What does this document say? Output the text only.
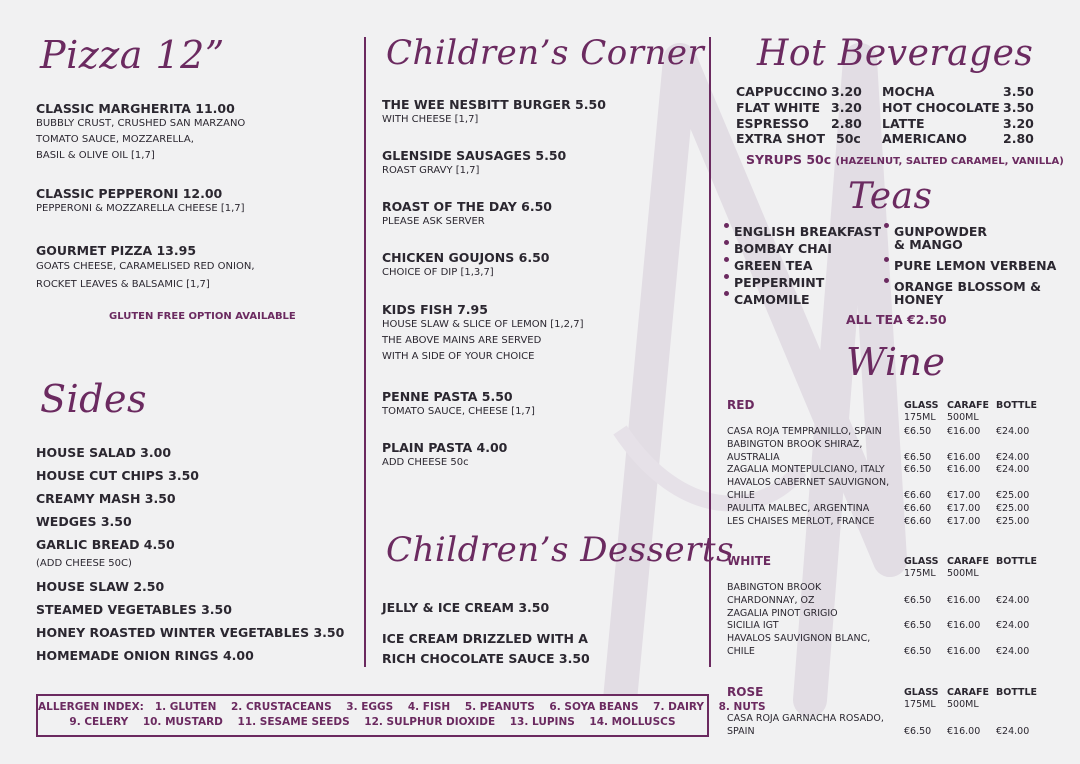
Pizza 12”
CLASSIC MARGHERITA 11.00
BUBBLY CRUST, CRUSHED SAN MARZANO
TOMATO SAUCE, MOZZARELLA,
BASIL & OLIVE OIL [1,7]
CLASSIC PEPPERONI 12.00
PEPPERONI & MOZZARELLA CHEESE [1,7]
GOURMET PIZZA 13.95
GOATS CHEESE, CARAMELISED RED ONION,
ROCKET LEAVES & BALSAMIC [1,7]
GLUTEN FREE OPTION AVAILABLE
Sides
HOUSE SALAD 3.00
HOUSE CUT CHIPS 3.50
CREAMY MASH 3.50
WEDGES 3.50
GARLIC BREAD 4.50
(ADD CHEESE 50C)
HOUSE SLAW 2.50
STEAMED VEGETABLES 3.50
HONEY ROASTED WINTER VEGETABLES 3.50
HOMEMADE ONION RINGS 4.00
Children’s Corner
THE WEE NESBITT BURGER 5.50
WITH CHEESE [1,7]
GLENSIDE SAUSAGES 5.50
ROAST GRAVY [1,7]
ROAST OF THE DAY 6.50
PLEASE ASK SERVER
CHICKEN GOUJONS 6.50
CHOICE OF DIP [1,3,7]
KIDS FISH 7.95
HOUSE SLAW & SLICE OF LEMON [1,2,7]
THE ABOVE MAINS ARE SERVED
WITH A SIDE OF YOUR CHOICE
PENNE PASTA 5.50
TOMATO SAUCE, CHEESE [1,7]
PLAIN PASTA 4.00
ADD CHEESE 50c
Children’s Desserts
JELLY & ICE CREAM 3.50
ICE CREAM DRIZZLED WITH A
RICH CHOCOLATE SAUCE 3.50
Hot Beverages
CAPPUCCINO 3.20
FLAT WHITE 3.20
ESPRESSO 2.80
EXTRA SHOT 50c
MOCHA	3.50
HOT CHOCOLATE 3.50
LATTE	3.20
AMERICANO	2.80
SYRUPS 50c (HAZELNUT, SALTED CARAMEL, VANILLA)
Teas
ENGLISH BREAKFAST
BOMBAY CHAI
GREEN TEA
PEPPERMINT
CAMOMILE
GUNPOWDER
& MANGO
PURE LEMON VERBENA
ORANGE BLOSSOM &
HONEY
ALL TEA €2.50
Wine
RED	GLASS CARAFE BOTTLE
175ML 500ML
CASA ROJA TEMPRANILLO, SPAIN €6.50 €16.00 €24.00
BABINGTON BROOK SHIRAZ,
AUSTRALIA	€6.50 €16.00 €24.00
ZAGALIA MONTEPULCIANO, ITALY €6.50 €16.00 €24.00
HAVALOS CABERNET SAUVIGNON,
CHILE	€6.60 €17.00 €25.00
PAULITA MALBEC, ARGENTINA	€6.60 €17.00 €25.00
LES CHAISES MERLOT, FRANCE	€6.60 €17.00 €25.00
WHITE	GLASS CARAFE BOTTLE
175ML 500ML
BABINGTON BROOK
CHARDONNAY, OZ	€6.50 €16.00 €24.00
ZAGALIA PINOT GRIGIO
SICILIA IGT	€6.50 €16.00 €24.00
HAVALOS SAUVIGNON BLANC,
CHILE	€6.50 €16.00 €24.00
ROSE	GLASS CARAFE BOTTLE
175ML 500ML
CASA ROJA GARNACHA ROSADO,
SPAIN	€6.50 €16.00 €24.00
ALLERGEN INDEX:   1. GLUTEN    2. CRUSTACEANS    3. EGGS    4. FISH    5. PEANUTS    6. SOYA BEANS    7. DAIRY    8. NUTS
9. CELERY    10. MUSTARD    11. SESAME SEEDS    12. SULPHUR DIOXIDE    13. LUPINS    14. MOLLUSCS
